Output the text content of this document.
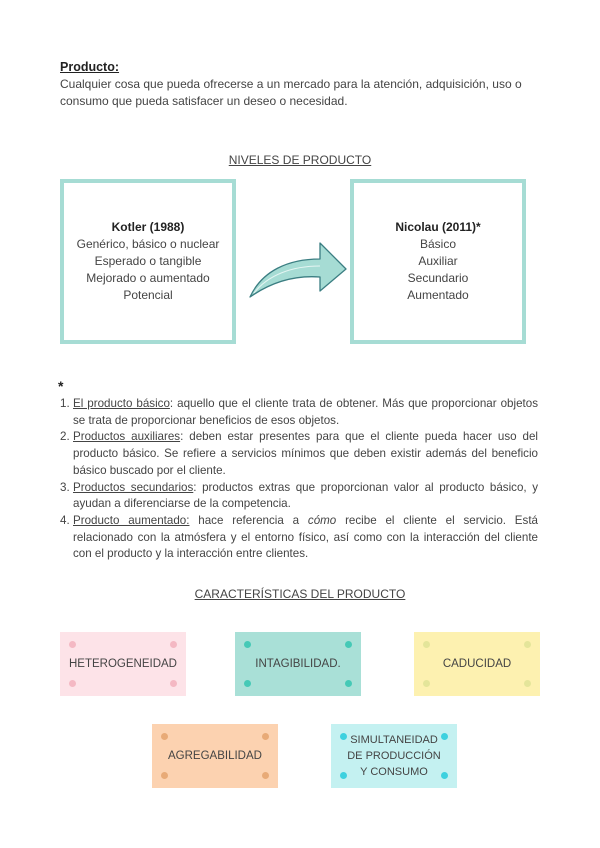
Producto:
Cualquier cosa que pueda ofrecerse a un mercado para la atención, adquisición, uso o consumo que pueda satisfacer un deseo o necesidad.
NIVELES DE PRODUCTO
Kotler (1988)
Genérico, básico o nuclear
Esperado o tangible
Mejorado o aumentado
Potencial
Nicolau (2011)*
Básico
Auxiliar
Secundario
Aumentado
*
1. El producto básico: aquello que el cliente trata de obtener. Más que proporcionar objetos se trata de proporcionar beneficios de esos objetos.
2. Productos auxiliares: deben estar presentes para que el cliente pueda hacer uso del producto básico. Se refiere a servicios mínimos que deben existir además del beneficio básico buscado por el cliente.
3. Productos secundarios: productos extras que proporcionan valor al producto básico, y ayudan a diferenciarse de la competencia.
4. Producto aumentado: hace referencia a cómo recibe el cliente el servicio. Está relacionado con la atmósfera y el entorno físico, así como con la interacción del cliente con el producto y la interacción entre clientes.
CARACTERÍSTICAS DEL PRODUCTO
HETEROGENEIDAD	INTAGIBILIDAD.	CADUCIDAD
AGREGABILIDAD
SIMULTANEIDAD
DE PRODUCCIÓN
Y CONSUMO
